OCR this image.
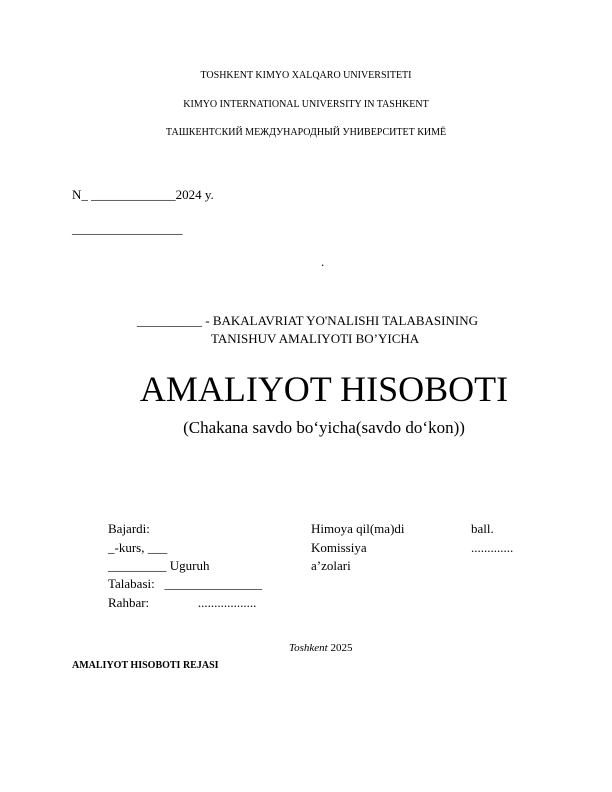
TOSHKENT KIMYO XALQARO UNIVERSITETI
KIMYO INTERNATIONAL UNIVERSITY IN TASHKENT
ТАШКЕНТСКИЙ МЕЖДУНАРОДНЫЙ УНИВЕРСИТЕТ КИМЁ
N_ _____________2024 y.
_________________
.
__________ - BAKALAVRIAT YO'NALISHI TALABASINING
TANISHUV AMALIYOTI BO’YICHA
AMALIYOT HISOBOTI
(Chakana savdo bo‘yicha(savdo do‘kon))
Bajardi:
_-kurs, ___
_________ Uguruh
Talabasi:   _______________
Rahbar:               ..................
Himoya qil(ma)di	ball.
Komissiya	.............
a’zolari
Toshkent 2025
AMALIYOT HISOBOTI REJASI
